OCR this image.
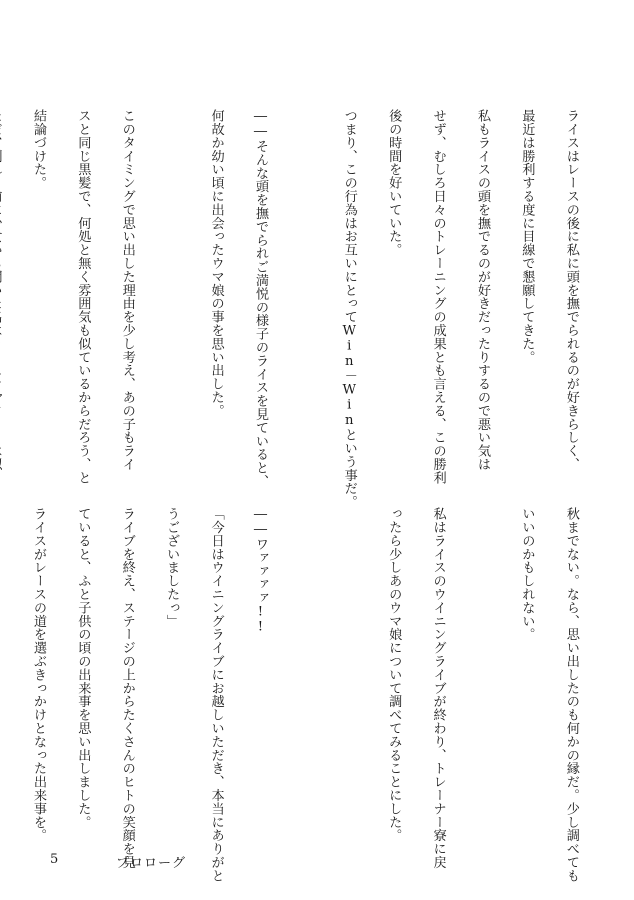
ライスはレースの後に私に頭を撫でられるのが好きらしく、

最近は勝利する度に目線で懇願してきた。

私もライスの頭を撫でるのが好きだったりするので悪い気は

せず、むしろ日々のトレーニングの成果とも言える、この勝利

後の時間を好いていた。

つまり、この行為はお互いにとってWin－Winという事だ。

――そんな頭を撫でられご満悦の様子のライスを見ていると、

何故か幼い頃に出会ったウマ娘の事を思い出した。

このタイミングで思い出した理由を少し考え、あの子もライ

スと同じ黒髪で、何処と無く雰囲気も似ているからだろう、と

結論づけた。

秋までない。なら、思い出したのも何かの縁だ。少し調べても

いいのかもしれない。

私はライスのウイニングライブが終わり、トレーナー寮に戻

ったら少しあのウマ娘について調べてみることにした。

――ワァァァァ!!

「今日はウイニングライブにお越しいただき、本当にありがと

うございましたっ」

ライブを終え、ステージの上からたくさんのヒトの笑顔を見

ていると、ふと子供の頃の出来事を思い出しました。

ライスがレースの道を選ぶきっかけとなった出来事を。

5	プロローグ
